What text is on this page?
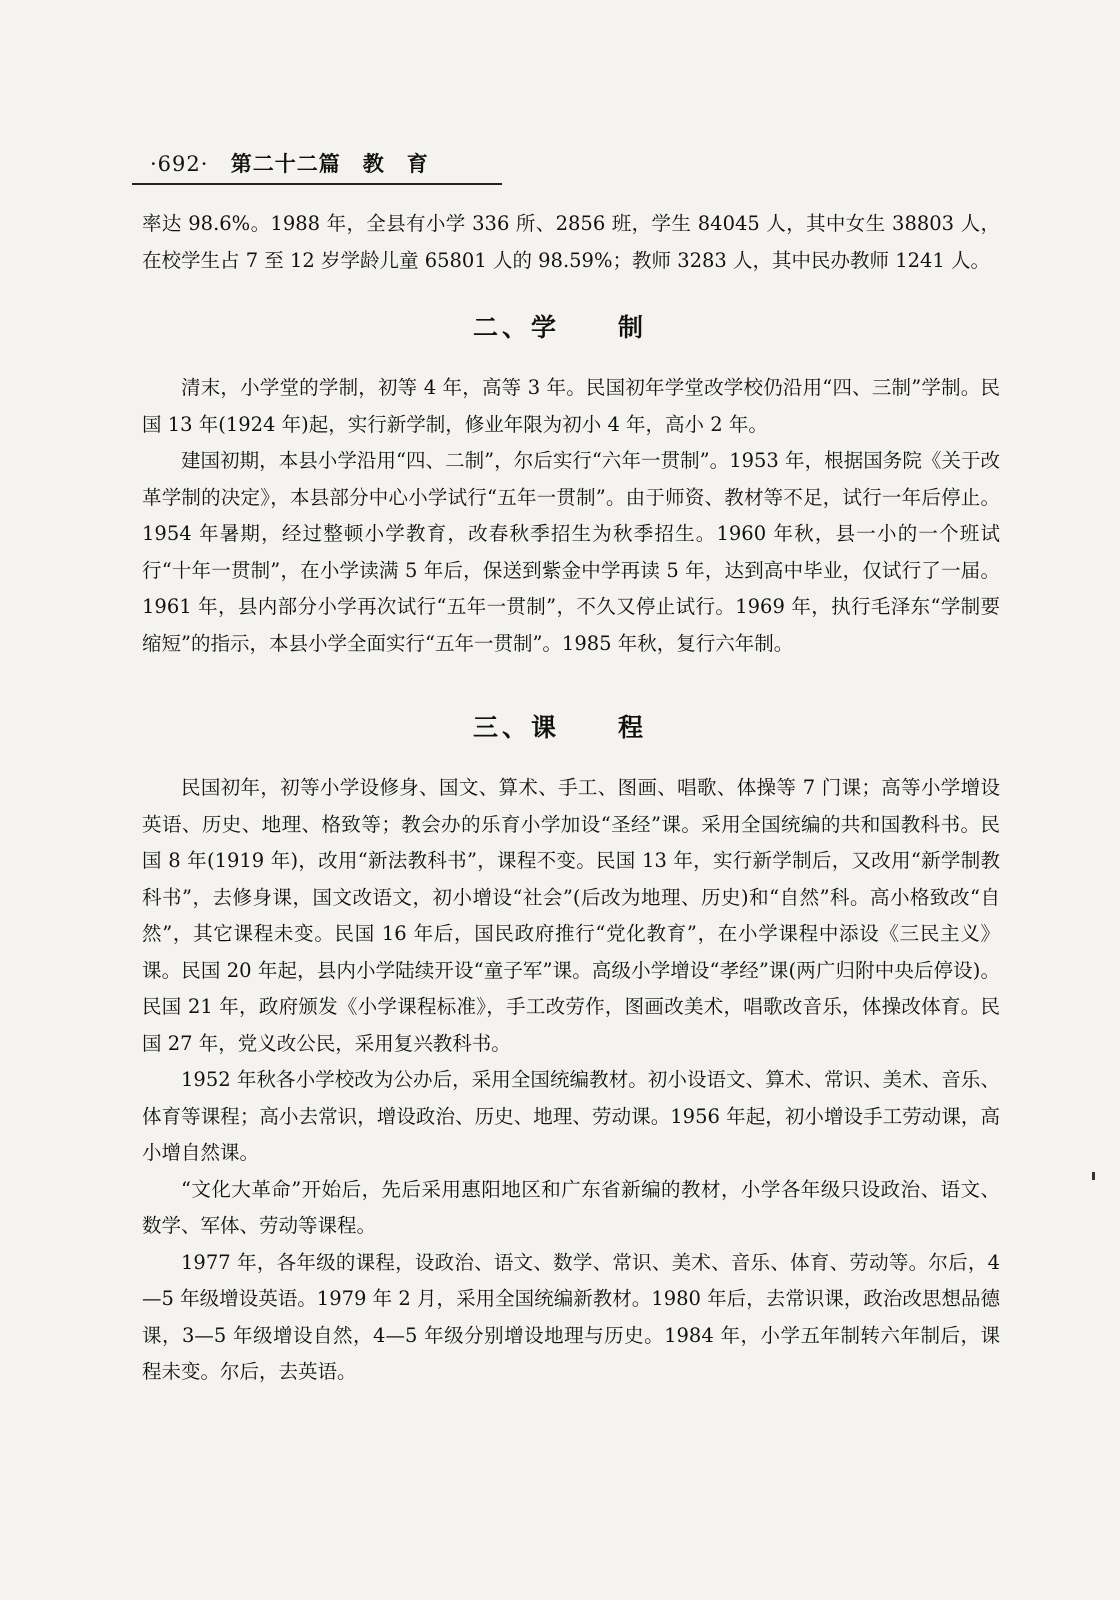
·692· 第二十二篇　教　育

率达 98.6%。1988 年，全县有小学 336 所、2856 班，学生 84045 人，其中女生 38803 人，在校学生占 7 至 12 岁学龄儿童 65801 人的 98.59%；教师 3283 人，其中民办教师 1241 人。

二、学　　制

清末，小学堂的学制，初等 4 年，高等 3 年。民国初年学堂改学校仍沿用“四、三制”学制。民国 13 年(1924 年)起，实行新学制，修业年限为初小 4 年，高小 2 年。

建国初期，本县小学沿用“四、二制”，尔后实行“六年一贯制”。1953 年，根据国务院《关于改革学制的决定》，本县部分中心小学试行“五年一贯制”。由于师资、教材等不足，试行一年后停止。1954 年暑期，经过整顿小学教育，改春秋季招生为秋季招生。1960 年秋，县一小的一个班试行“十年一贯制”，在小学读满 5 年后，保送到紫金中学再读 5 年，达到高中毕业，仅试行了一届。1961 年，县内部分小学再次试行“五年一贯制”，不久又停止试行。1969 年，执行毛泽东“学制要缩短”的指示，本县小学全面实行“五年一贯制”。1985 年秋，复行六年制。

三、课　　程

民国初年，初等小学设修身、国文、算术、手工、图画、唱歌、体操等 7 门课；高等小学增设英语、历史、地理、格致等；教会办的乐育小学加设“圣经”课。采用全国统编的共和国教科书。民国 8 年(1919 年)，改用“新法教科书”，课程不变。民国 13 年，实行新学制后，又改用“新学制教科书”，去修身课，国文改语文，初小增设“社会”(后改为地理、历史)和“自然”科。高小格致改“自然”，其它课程未变。民国 16 年后，国民政府推行“党化教育”，在小学课程中添设《三民主义》课。民国 20 年起，县内小学陆续开设“童子军”课。高级小学增设“孝经”课(两广归附中央后停设)。民国 21 年，政府颁发《小学课程标准》，手工改劳作，图画改美术，唱歌改音乐，体操改体育。民国 27 年，党义改公民，采用复兴教科书。

1952 年秋各小学校改为公办后，采用全国统编教材。初小设语文、算术、常识、美术、音乐、体育等课程；高小去常识，增设政治、历史、地理、劳动课。1956 年起，初小增设手工劳动课，高小增自然课。

“文化大革命”开始后，先后采用惠阳地区和广东省新编的教材，小学各年级只设政治、语文、数学、军体、劳动等课程。

1977 年，各年级的课程，设政治、语文、数学、常识、美术、音乐、体育、劳动等。尔后，4—5 年级增设英语。1979 年 2 月，采用全国统编新教材。1980 年后，去常识课，政治改思想品德课，3—5 年级增设自然，4—5 年级分别增设地理与历史。1984 年，小学五年制转六年制后，课程未变。尔后，去英语。
